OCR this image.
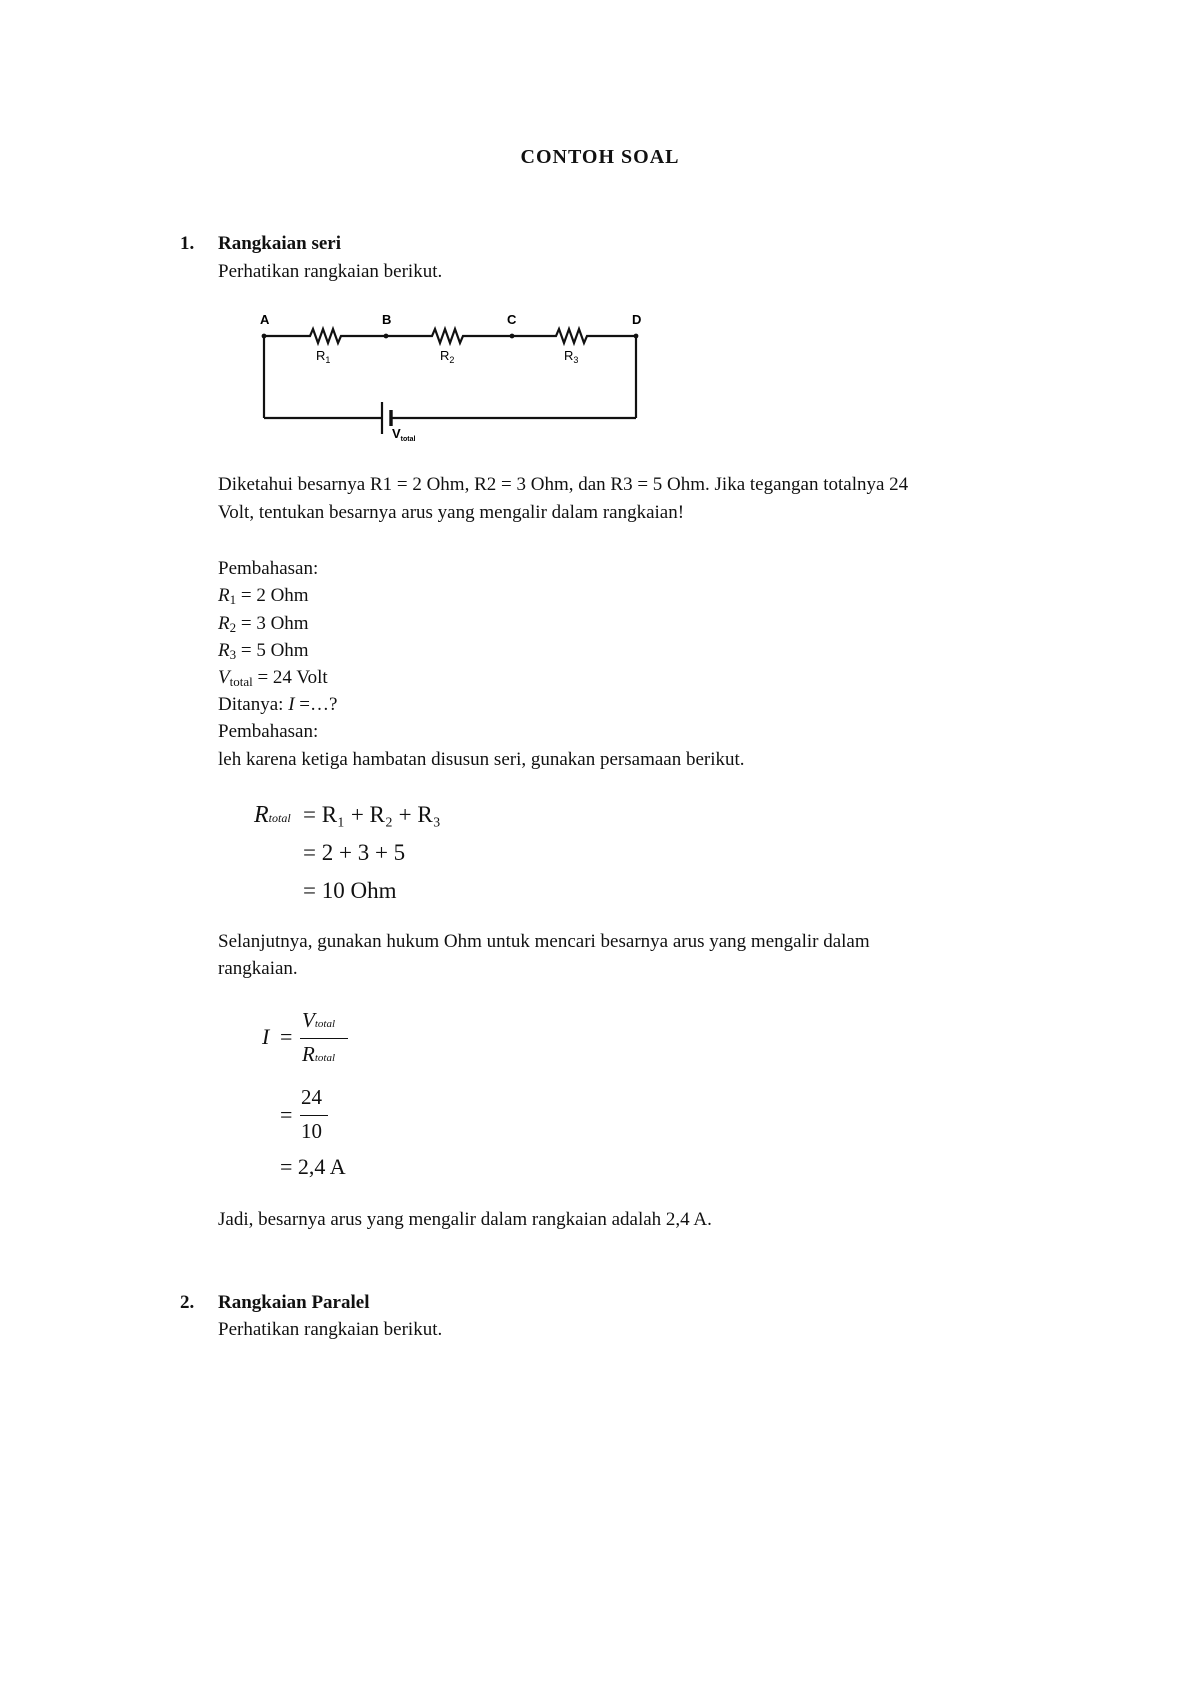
CONTOH SOAL
1. Rangkaian seri
Perhatikan rangkaian berikut.
A	B	C	D
$R_1$	$R_2$	$R_3$
$V_{total}$
Diketahui besarnya R1 = 2 Ohm, R2 = 3 Ohm, dan R3 = 5 Ohm. Jika tegangan totalnya 24
Volt, tentukan besarnya arus yang mengalir dalam rangkaian!
Pembahasan:
$R_1 = 2$ Ohm
$R_2 = 3$ Ohm
$R_3 = 5$ Ohm
$V_{total} = 24$ Volt
Ditanya: I =…?
Pembahasan:
leh karena ketiga hambatan disusun seri, gunakan persamaan berikut.
Rtotal = R₁ + R₂ + R₃
= 2 + 3 + 5
= 10 Ohm
Selanjutnya, gunakan hukum Ohm untuk mencari besarnya arus yang mengalir dalam
rangkaian.
I =
Vtotal
Rtotal
=
24
10
= 2,4 A
Jadi, besarnya arus yang mengalir dalam rangkaian adalah 2,4 A.
2. Rangkaian Paralel
Perhatikan rangkaian berikut.
